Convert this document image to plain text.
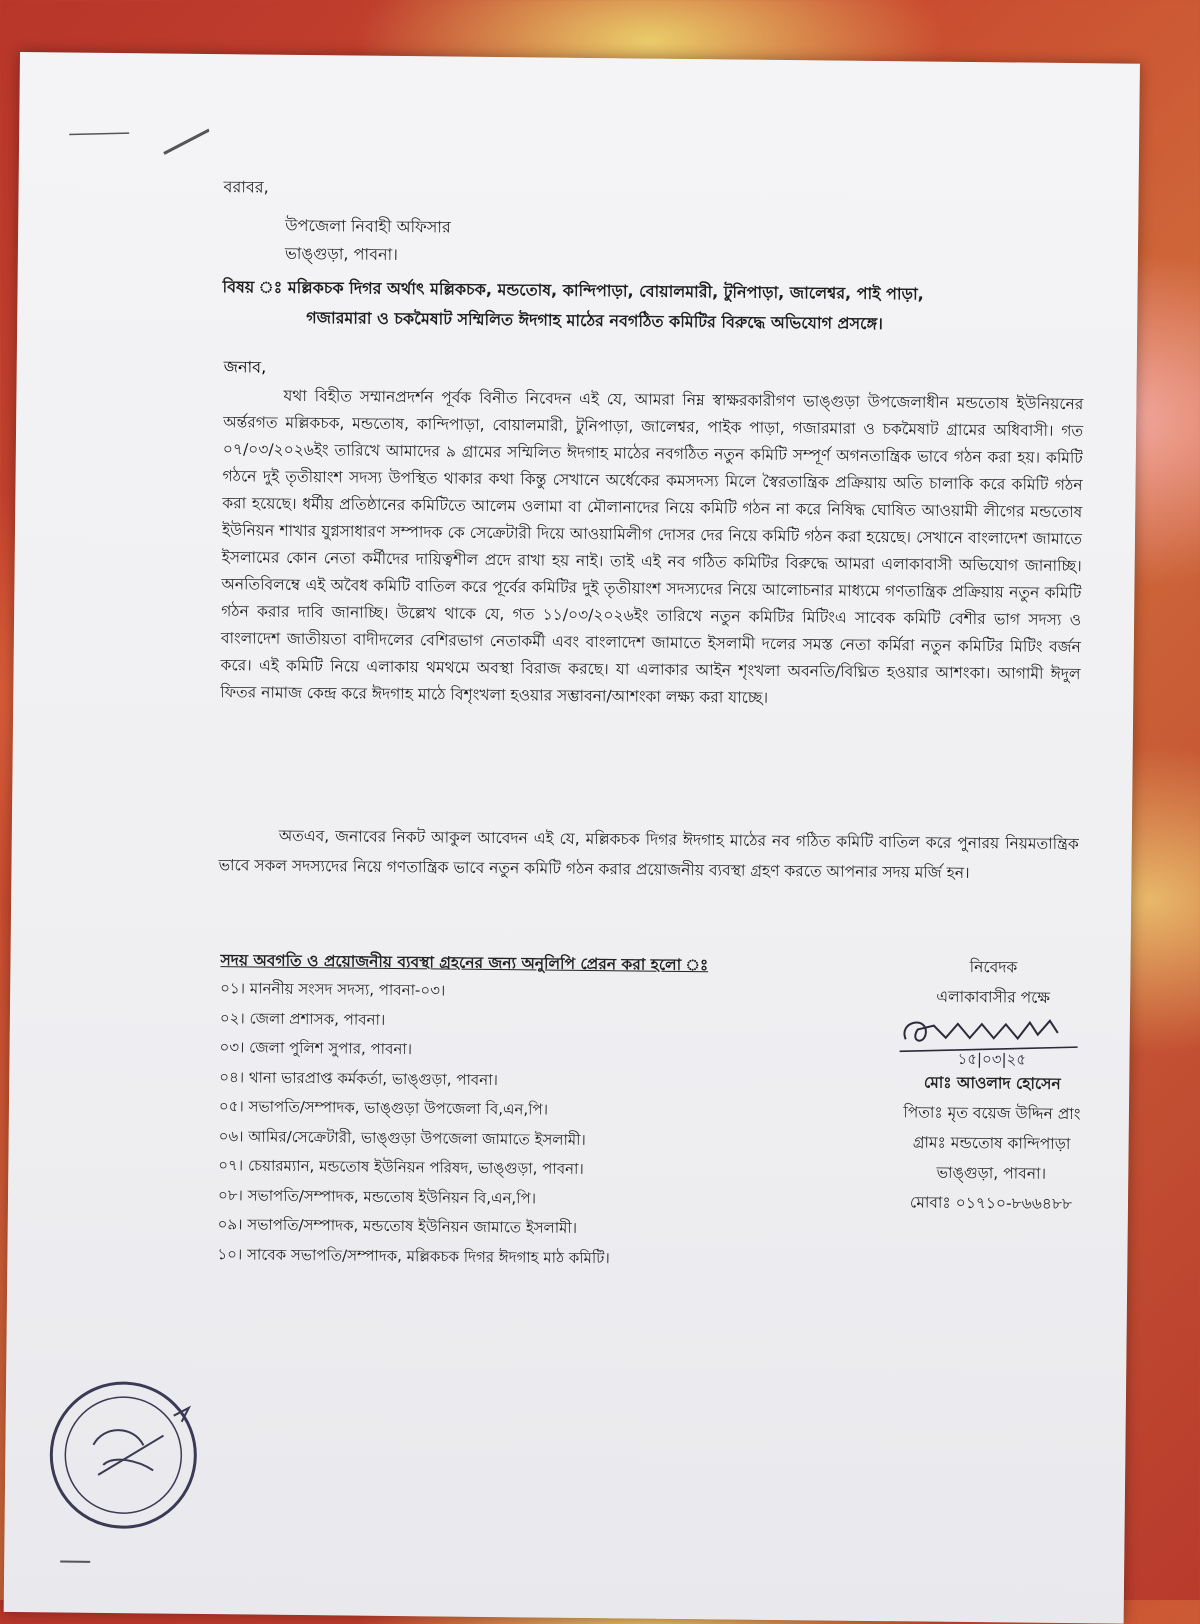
বরাবর,
উপজেলা নিবাহী অফিসার
ভাঙ্গুড়া, পাবনা।
বিষয় ঃ মল্লিকচক দিগর অর্থাৎ মল্লিকচক, মন্ডতোষ, কান্দিপাড়া, বোয়ালমারী, টুনিপাড়া, জালেশ্বর, পাই পাড়া,
গজারমারা ও চকমৈষাট সম্মিলিত ঈদগাহ মাঠের নবগঠিত কমিটির বিরুদ্ধে অভিযোগ প্রসঙ্গে।
জনাব,

যথা বিহীত সম্মানপ্রদর্শন পূর্বক বিনীত নিবেদন এই যে, আমরা নিম্ন স্বাক্ষরকারীগণ ভাঙ্গুড়া উপজেলাধীন মন্ডতোষ ইউনিয়নের অর্ন্তরগত মল্লিকচক, মন্ডতোষ, কান্দিপাড়া, বোয়ালমারী, টুনিপাড়া, জালেশ্বর, পাইক পাড়া, গজারমারা ও চকমৈষাট গ্রামের অধিবাসী। গত ০৭/০৩/২০২৬ইং তারিখে আমাদের ৯ গ্রামের সম্মিলিত ঈদগাহ মাঠের নবগঠিত নতুন কমিটি সম্পূর্ণ অগনতান্ত্রিক ভাবে গঠন করা হয়। কমিটি গঠনে দুই তৃতীয়াংশ সদস্য উপস্থিত থাকার কথা কিন্তু সেখানে অর্ধেকের কমসদস্য মিলে স্বৈরতান্ত্রিক প্রক্রিয়ায় অতি চালাকি করে কমিটি গঠন করা হয়েছে। ধর্মীয় প্রতিষ্ঠানের কমিটিতে আলেম ওলামা বা মৌলানাদের নিয়ে কমিটি গঠন না করে নিষিদ্ধ ঘোষিত আওয়ামী লীগের মন্ডতোষ ইউনিয়ন শাখার যুগ্নসাধারণ সম্পাদক কে সেক্রেটারী দিয়ে আওয়ামিলীগ দোসর দের নিয়ে কমিটি গঠন করা হয়েছে। সেখানে বাংলাদেশ জামাতে ইসলামের কোন নেতা কর্মীদের দায়িত্বশীল প্রদে রাখা হয় নাই। তাই এই নব গঠিত কমিটির বিরুদ্ধে আমরা এলাকাবাসী অভিযোগ জানাচ্ছি। অনতিবিলম্বে এই অবৈধ কমিটি বাতিল করে পূর্বের কমিটির দুই তৃতীয়াংশ সদস্যদের নিয়ে আলোচনার মাধ্যমে গণতান্ত্রিক প্রক্রিয়ায় নতুন কমিটি গঠন করার দাবি জানাচ্ছি। উল্লেখ থাকে যে, গত ১১/০৩/২০২৬ইং তারিখে নতুন কমিটির মিটিংএ সাবেক কমিটি বেশীর ভাগ সদস্য ও বাংলাদেশ জাতীয়তা বাদীদলের বেশিরভাগ নেতাকর্মী এবং বাংলাদেশ জামাতে ইসলামী দলের সমস্ত নেতা কর্মিরা নতুন কমিটির মিটিং বর্জন করে। এই কমিটি নিয়ে এলাকায় থমথমে অবস্থা বিরাজ করছে। যা এলাকার আইন শৃংখলা অবনতি/বিঘ্নিত হওয়ার আশংকা। আগামী ঈদুল ফিতর নামাজ কেন্দ্র করে ঈদগাহ মাঠে বিশৃংখলা হওয়ার সম্ভাবনা/আশংকা লক্ষ্য করা যাচ্ছে।

অতএব, জনাবের নিকট আকুল আবেদন এই যে, মল্লিকচক দিগর ঈদগাহ মাঠের নব গঠিত কমিটি বাতিল করে পুনারয় নিয়মতান্ত্রিক ভাবে সকল সদস্যদের নিয়ে গণতান্ত্রিক ভাবে নতুন কমিটি গঠন করার প্রয়োজনীয় ব্যবস্থা গ্রহণ করতে আপনার সদয় মর্জি হন।

সদয় অবগতি ও প্রয়োজনীয় ব্যবস্থা গ্রহনের জন্য অনুলিপি প্রেরন করা হলো ঃ
০১। মাননীয় সংসদ সদস্য, পাবনা-০৩।
০২। জেলা প্রশাসক, পাবনা।
০৩। জেলা পুলিশ সুপার, পাবনা।
০৪। থানা ভারপ্রাপ্ত কর্মকর্তা, ভাঙ্গুড়া, পাবনা।
০৫। সভাপতি/সম্পাদক, ভাঙ্গুড়া উপজেলা বি,এন,পি।
০৬। আমির/সেক্রেটারী, ভাঙ্গুড়া উপজেলা জামাতে ইসলামী।
০৭। চেয়ারম্যান, মন্ডতোষ ইউনিয়ন পরিষদ, ভাঙ্গুড়া, পাবনা।
০৮। সভাপতি/সম্পাদক, মন্ডতোষ ইউনিয়ন বি,এন,পি।
০৯। সভাপতি/সম্পাদক, মন্ডতোষ ইউনিয়ন জামাতে ইসলামী।
১০। সাবেক সভাপতি/সম্পাদক, মল্লিকচক দিগর ঈদগাহ মাঠ কমিটি।
নিবেদক
এলাকাবাসীর পক্ষে
১৫|০৩|২৫
মোঃ আওলাদ হোসেন
পিতাঃ মৃত বয়েজ উদ্দিন প্রাং
গ্রামঃ মন্ডতোষ কান্দিপাড়া
ভাঙ্গুড়া, পাবনা।
মোবাঃ ০১৭১০-৮৬৬৪৮৮
